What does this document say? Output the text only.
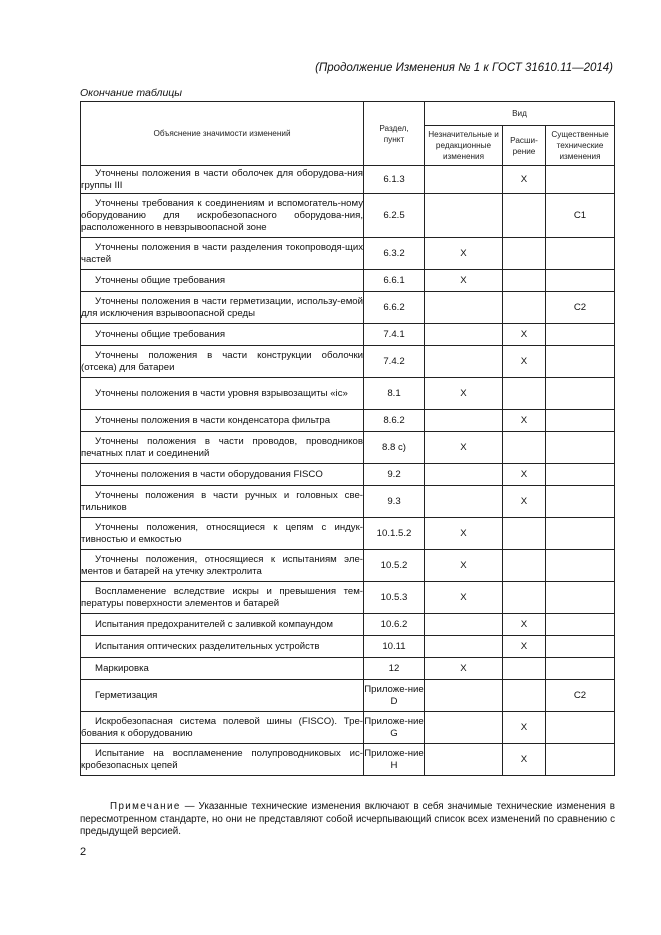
(Продолжение Изменения № 1 к ГОСТ 31610.11—2014)
Окончание таблицы
Объяснение значимости изменений	Раздел, пункт	Вид		
		Незначительные и редакционные изменения	Расши-рение	Существенные технические изменения

Уточнены положения в части оболочек для оборудова-ния группы III	6.1.3		X	

Уточнены требования к соединениям и вспомогатель-ному оборудованию для искробезопасного оборудова-ния, расположенного в невзрывоопасной зоне	6.2.5			C1

Уточнены положения в части разделения токопроводя-щих частей	6.3.2	X		

Уточнены общие требования	6.6.1	X		

Уточнены положения в части герметизации, использу-емой для исключения взрывоопасной среды	6.6.2			C2

Уточнены общие требования	7.4.1		X	

Уточнены положения в части конструкции оболочки (отсека) для батареи	7.4.2		X	

Уточнены положения в части уровня взрывозащиты «ic»	8.1	X		

Уточнены положения в части конденсатора фильтра	8.6.2		X	

Уточнены положения в части проводов, проводников печатных плат и соединений	8.8 c)	X		

Уточнены положения в части оборудования FISCO	9.2		X	

Уточнены положения в части ручных и головных све-тильников	9.3		X	

Уточнены положения, относящиеся к цепям с индук-тивностью и емкостью	10.1.5.2	X		

Уточнены положения, относящиеся к испытаниям эле-ментов и батарей на утечку электролита	10.5.2	X		

Воспламенение вследствие искры и превышения тем-пературы поверхности элементов и батарей	10.5.3	X		

Испытания предохранителей с заливкой компаундом	10.6.2		X	

Испытания оптических разделительных устройств	10.11		X	

Маркировка	12	X		

Герметизация	Приложе-ние D			C2

Искробезопасная система полевой шины (FISCO). Тре-бования к оборудованию	Приложе-ние G		X	

Испытание на воспламенение полупроводниковых ис-кробезопасных цепей	Приложе-ние H		X	
Примечание — Указанные технические изменения включают в себя значимые технические изменения в пересмотренном стандарте, но они не представляют собой исчерпывающий список всех изменений по сравнению с предыдущей версией.
2
